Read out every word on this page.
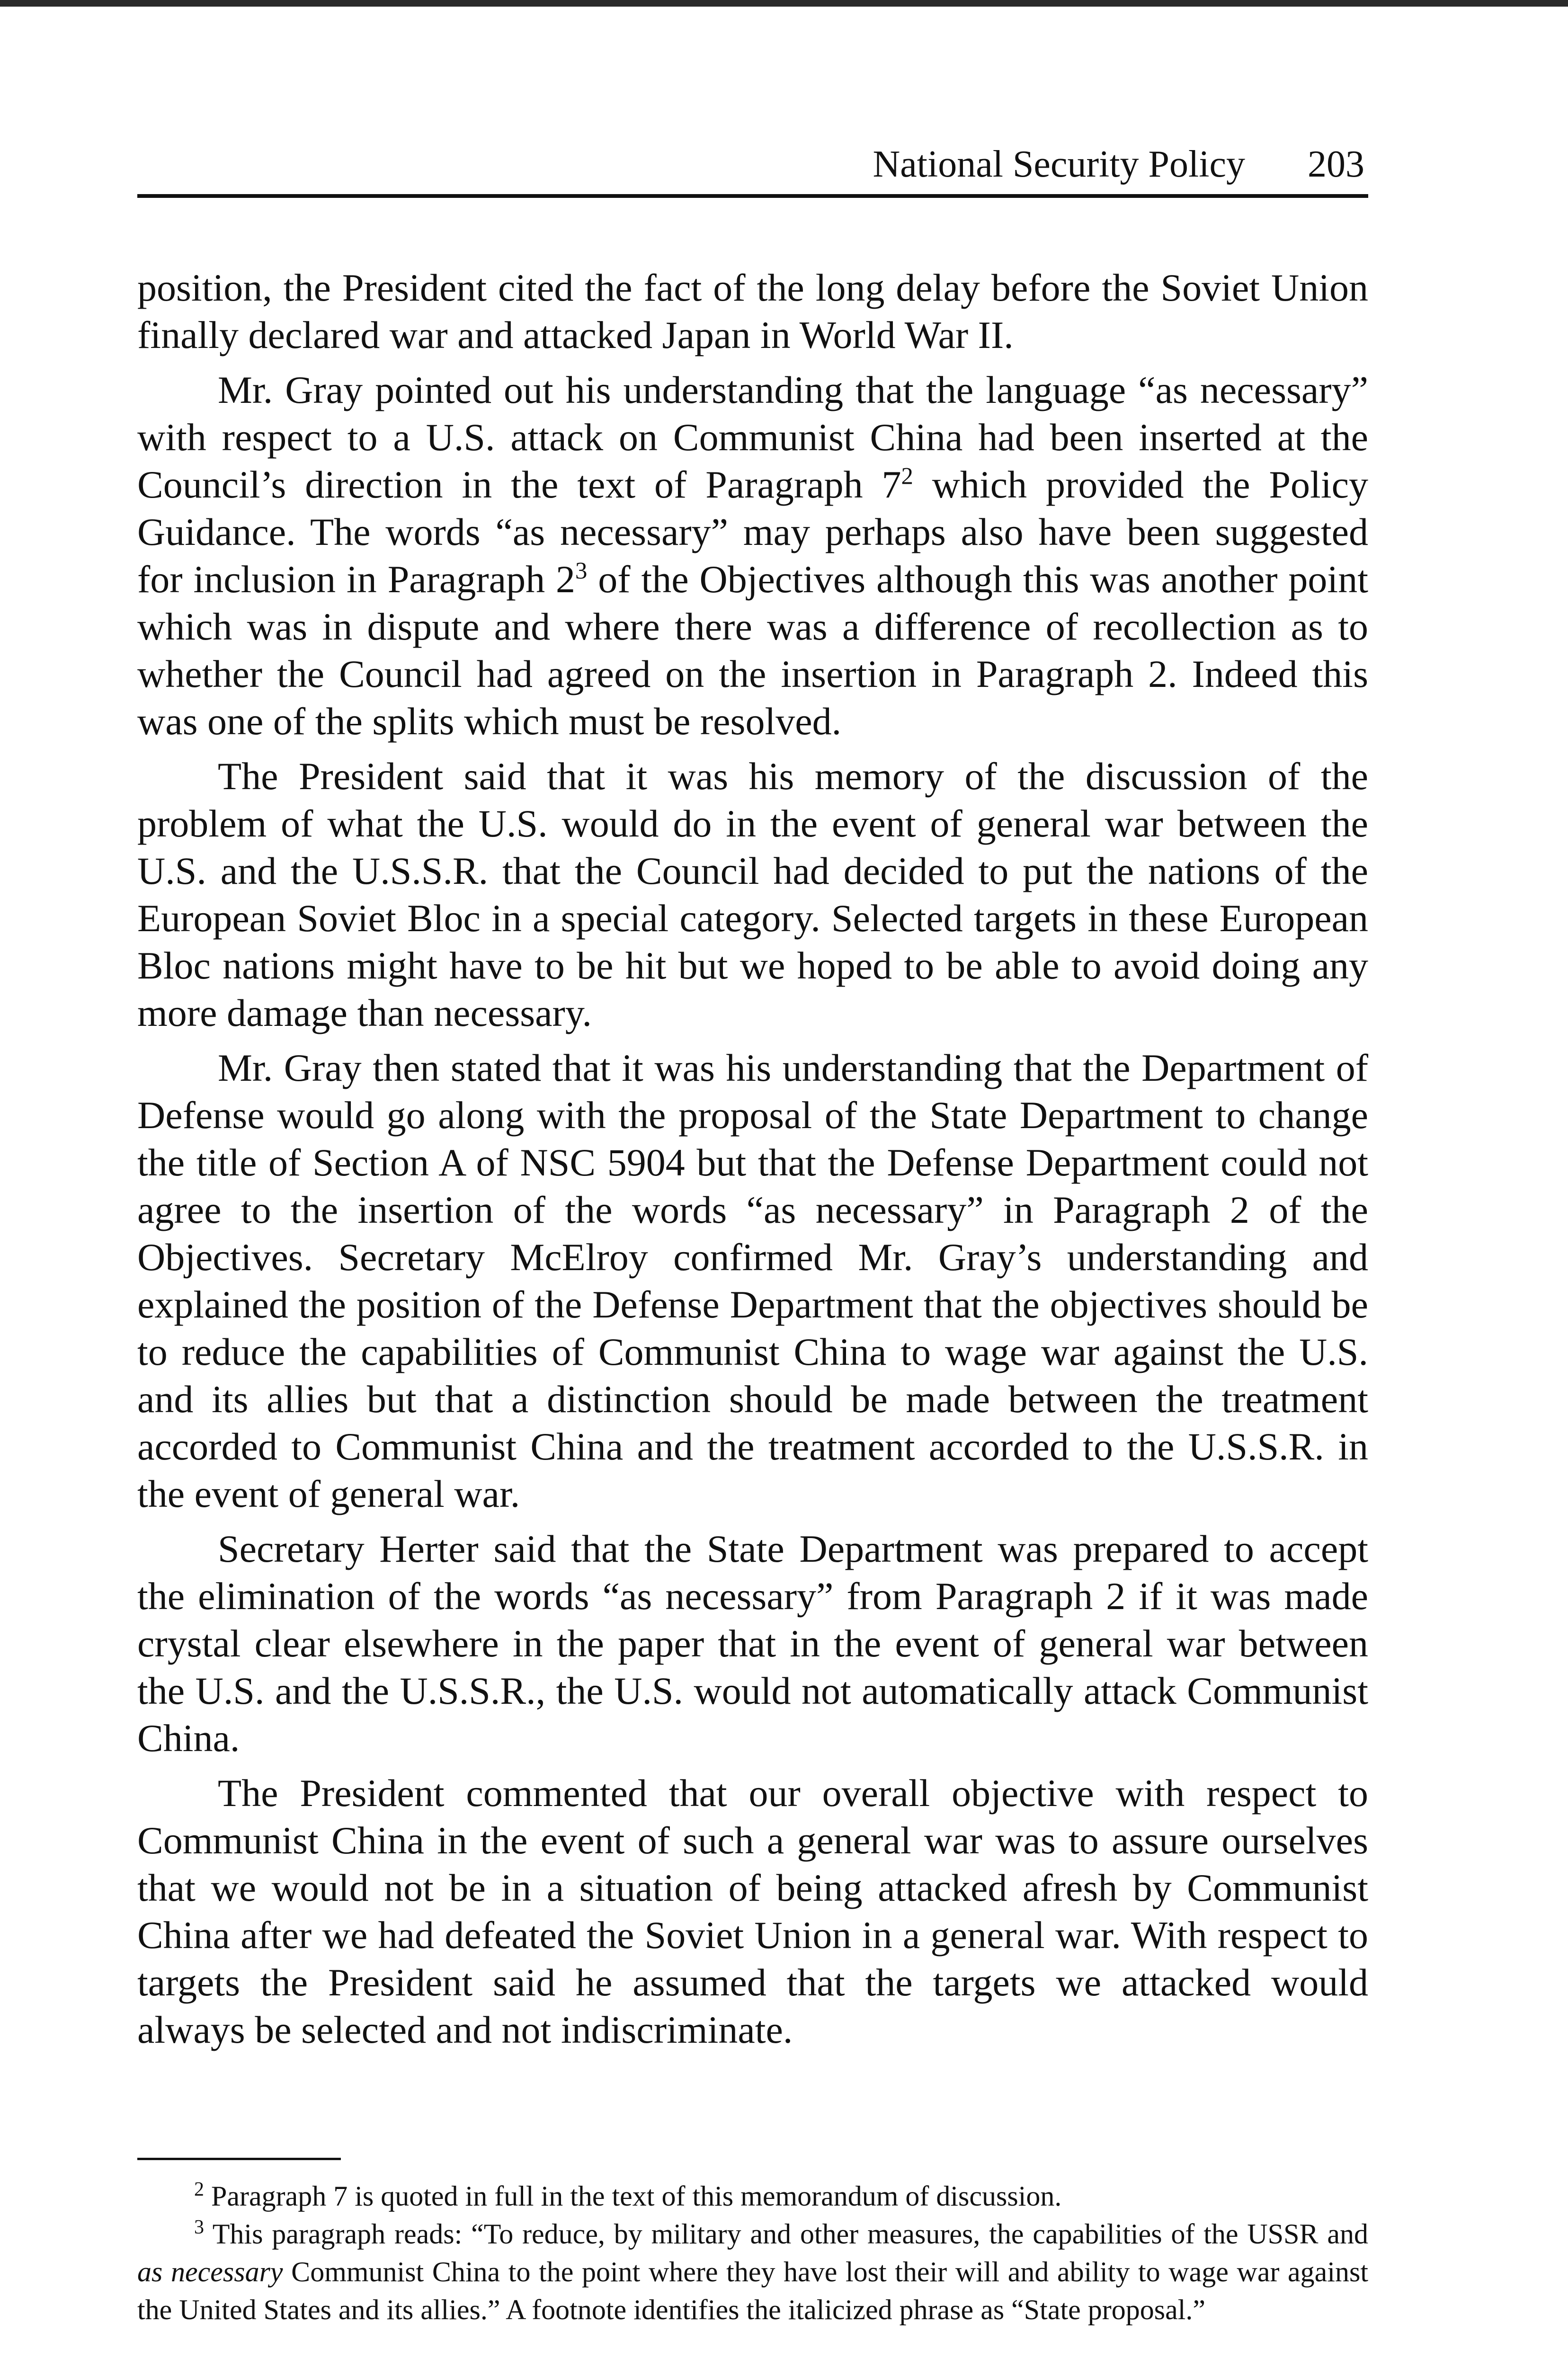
National Security Policy 203

position, the President cited the fact of the long delay before the Soviet Union finally declared war and attacked Japan in World War II.

Mr. Gray pointed out his understanding that the language “as necessary” with respect to a U.S. attack on Communist China had been inserted at the Council’s direction in the text of Paragraph $7^2$ which provided the Policy Guidance. The words “as necessary” may perhaps also have been suggested for inclusion in Paragraph $2^3$ of the Objectives although this was another point which was in dispute and where there was a difference of recollection as to whether the Council had agreed on the insertion in Paragraph 2. Indeed this was one of the splits which must be resolved.

The President said that it was his memory of the discussion of the problem of what the U.S. would do in the event of general war between the U.S. and the U.S.S.R. that the Council had decided to put the nations of the European Soviet Bloc in a special category. Selected targets in these European Bloc nations might have to be hit but we hoped to be able to avoid doing any more damage than necessary.

Mr. Gray then stated that it was his understanding that the Department of Defense would go along with the proposal of the State Department to change the title of Section A of NSC 5904 but that the Defense Department could not agree to the insertion of the words “as necessary” in Paragraph 2 of the Objectives. Secretary McElroy confirmed Mr. Gray’s understanding and explained the position of the Defense Department that the objectives should be to reduce the capabilities of Communist China to wage war against the U.S. and its allies but that a distinction should be made between the treatment accorded to Communist China and the treatment accorded to the U.S.S.R. in the event of general war.

Secretary Herter said that the State Department was prepared to accept the elimination of the words “as necessary” from Paragraph 2 if it was made crystal clear elsewhere in the paper that in the event of general war between the U.S. and the U.S.S.R., the U.S. would not automatically attack Communist China.

The President commented that our overall objective with respect to Communist China in the event of such a general war was to assure ourselves that we would not be in a situation of being attacked afresh by Communist China after we had defeated the Soviet Union in a general war. With respect to targets the President said he assumed that the targets we attacked would always be selected and not indiscriminate.

$^2$ Paragraph 7 is quoted in full in the text of this memorandum of discussion.

$^3$ This paragraph reads: “To reduce, by military and other measures, the capabilities of the USSR and as necessary Communist China to the point where they have lost their will and ability to wage war against the United States and its allies.” A footnote identifies the italicized phrase as “State proposal.”
